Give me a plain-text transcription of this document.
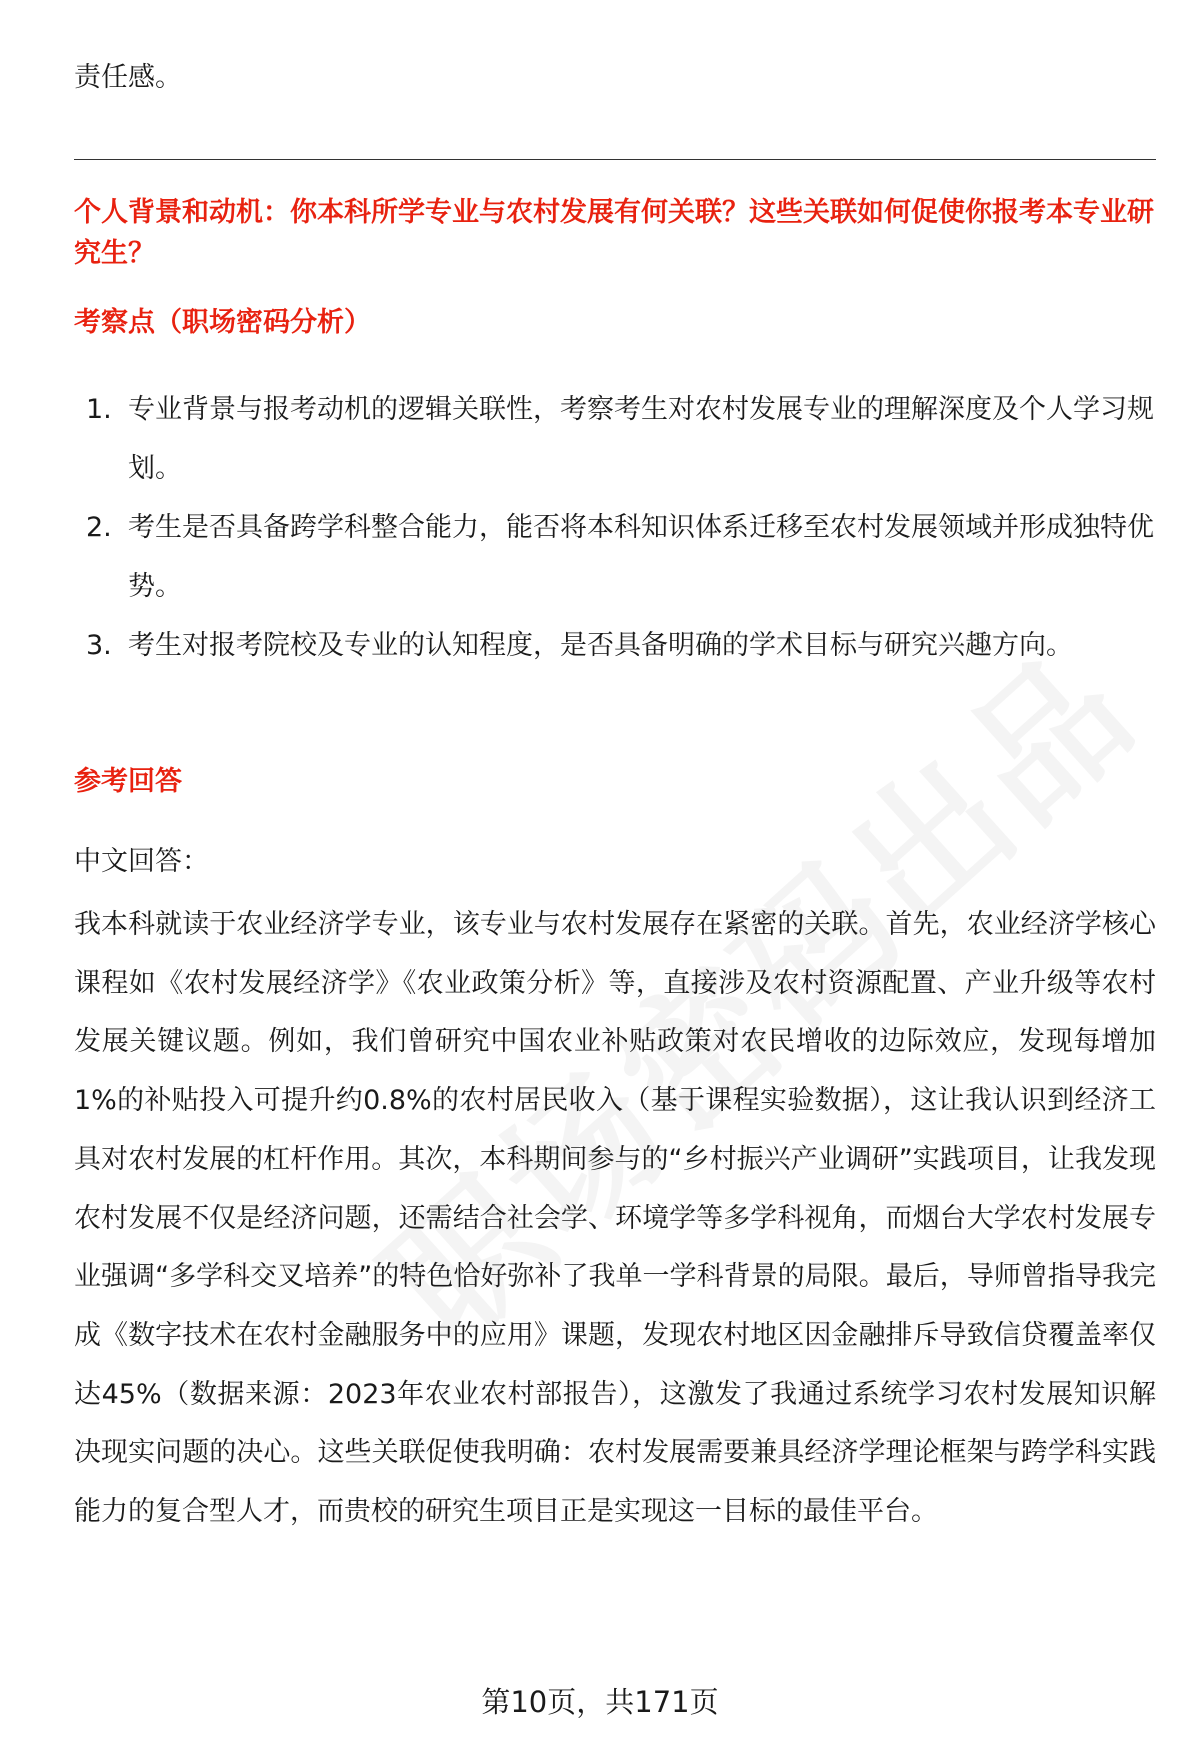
责任感。
个人背景和动机：你本科所学专业与农村发展有何关联？这些关联如何促使你报考本专业研究生？
考察点（职场密码分析）
1. 专业背景与报考动机的逻辑关联性，考察考生对农村发展专业的理解深度及个人学习规划。
2. 考生是否具备跨学科整合能力，能否将本科知识体系迁移至农村发展领域并形成独特优势。
3. 考生对报考院校及专业的认知程度，是否具备明确的学术目标与研究兴趣方向。
参考回答
中文回答：
我本科就读于农业经济学专业，该专业与农村发展存在紧密的关联。首先，农业经济学核心课程如《农村发展经济学》《农业政策分析》等，直接涉及农村资源配置、产业升级等农村发展关键议题。例如，我们曾研究中国农业补贴政策对农民增收的边际效应，发现每增加1%的补贴投入可提升约0.8%的农村居民收入（基于课程实验数据），这让我认识到经济工具对农村发展的杠杆作用。其次，本科期间参与的“乡村振兴产业调研”实践项目，让我发现农村发展不仅是经济问题，还需结合社会学、环境学等多学科视角，而烟台大学农村发展专业强调“多学科交叉培养”的特色恰好弥补了我单一学科背景的局限。最后，导师曾指导我完成《数字技术在农村金融服务中的应用》课题，发现农村地区因金融排斥导致信贷覆盖率仅达45%（数据来源：2023年农业农村部报告），这激发了我通过系统学习农村发展知识解决现实问题的决心。这些关联促使我明确：农村发展需要兼具经济学理论框架与跨学科实践能力的复合型人才，而贵校的研究生项目正是实现这一目标的最佳平台。
第10页，共171页
